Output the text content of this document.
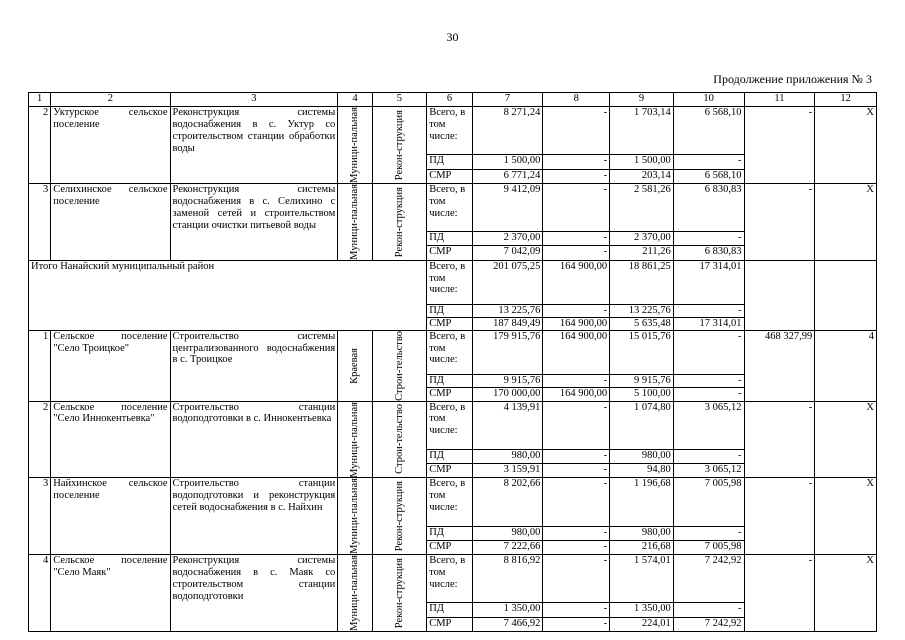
30
Продолжение приложения № 3
1	2	3	4	5	6	7	8	9	10	11	12
2	Уктурское сельское поселение	Реконструкция системы водоснабжения в с. Уктур со строительством станции обработки воды	Муници-пальная	Рекон-струкция	Всего, в том числе:	8 271,24	-	1 703,14	6 568,10	-	Х
					ПД	1 500,00	-	1 500,00	-		
					СМР	6 771,24	-	203,14	6 568,10		
3	Селихинское сельское поселение	Реконструкция системы водоснабжения в с. Селихино с заменой сетей и строительством станции очистки питьевой воды	Муници-пальная	Рекон-струкция	Всего, в том числе:	9 412,09	-	2 581,26	6 830,83	-	Х
					ПД	2 370,00	-	2 370,00	-		
					СМР	7 042,09	-	211,26	6 830,83		
Итого Нанайский муниципальный район					Всего, в том числе:	201 075,25	164 900,00	18 861,25	17 314,01		
					ПД	13 225,76	-	13 225,76	-		
					СМР	187 849,49	164 900,00	5 635,48	17 314,01		
1	Сельское поселение "Село Троицкое"	Строительство системы централизованного водоснабжения в с. Троицкое	Краевая	Строи-тельство	Всего, в том числе:	179 915,76	164 900,00	15 015,76	-	468 327,99	4
					ПД	9 915,76	-	9 915,76	-		
					СМР	170 000,00	164 900,00	5 100,00	-		
2	Сельское поселение "Село Иннокентьевка"	Строительство станции водоподготовки в с. Иннокентьевка	Муници-пальная	Строи-тельство	Всего, в том числе:	4 139,91	-	1 074,80	3 065,12	-	Х
					ПД	980,00	-	980,00	-		
					СМР	3 159,91	-	94,80	3 065,12		
3	Найхинское сельское поселение	Строительство станции водоподготовки и реконструкция сетей водоснабжения в с. Найхин	Муници-пальная	Рекон-струкция	Всего, в том числе:	8 202,66	-	1 196,68	7 005,98	-	Х
					ПД	980,00	-	980,00	-		
					СМР	7 222,66	-	216,68	7 005,98		
4	Сельское поселение "Село Маяк"	Реконструкция системы водоснабжения в с. Маяк со строительством станции водоподготовки	Муници-пальная	Рекон-струкция	Всего, в том числе:	8 816,92	-	1 574,01	7 242,92	-	Х
					ПД	1 350,00	-	1 350,00	-		
					СМР	7 466,92	-	224,01	7 242,92		
